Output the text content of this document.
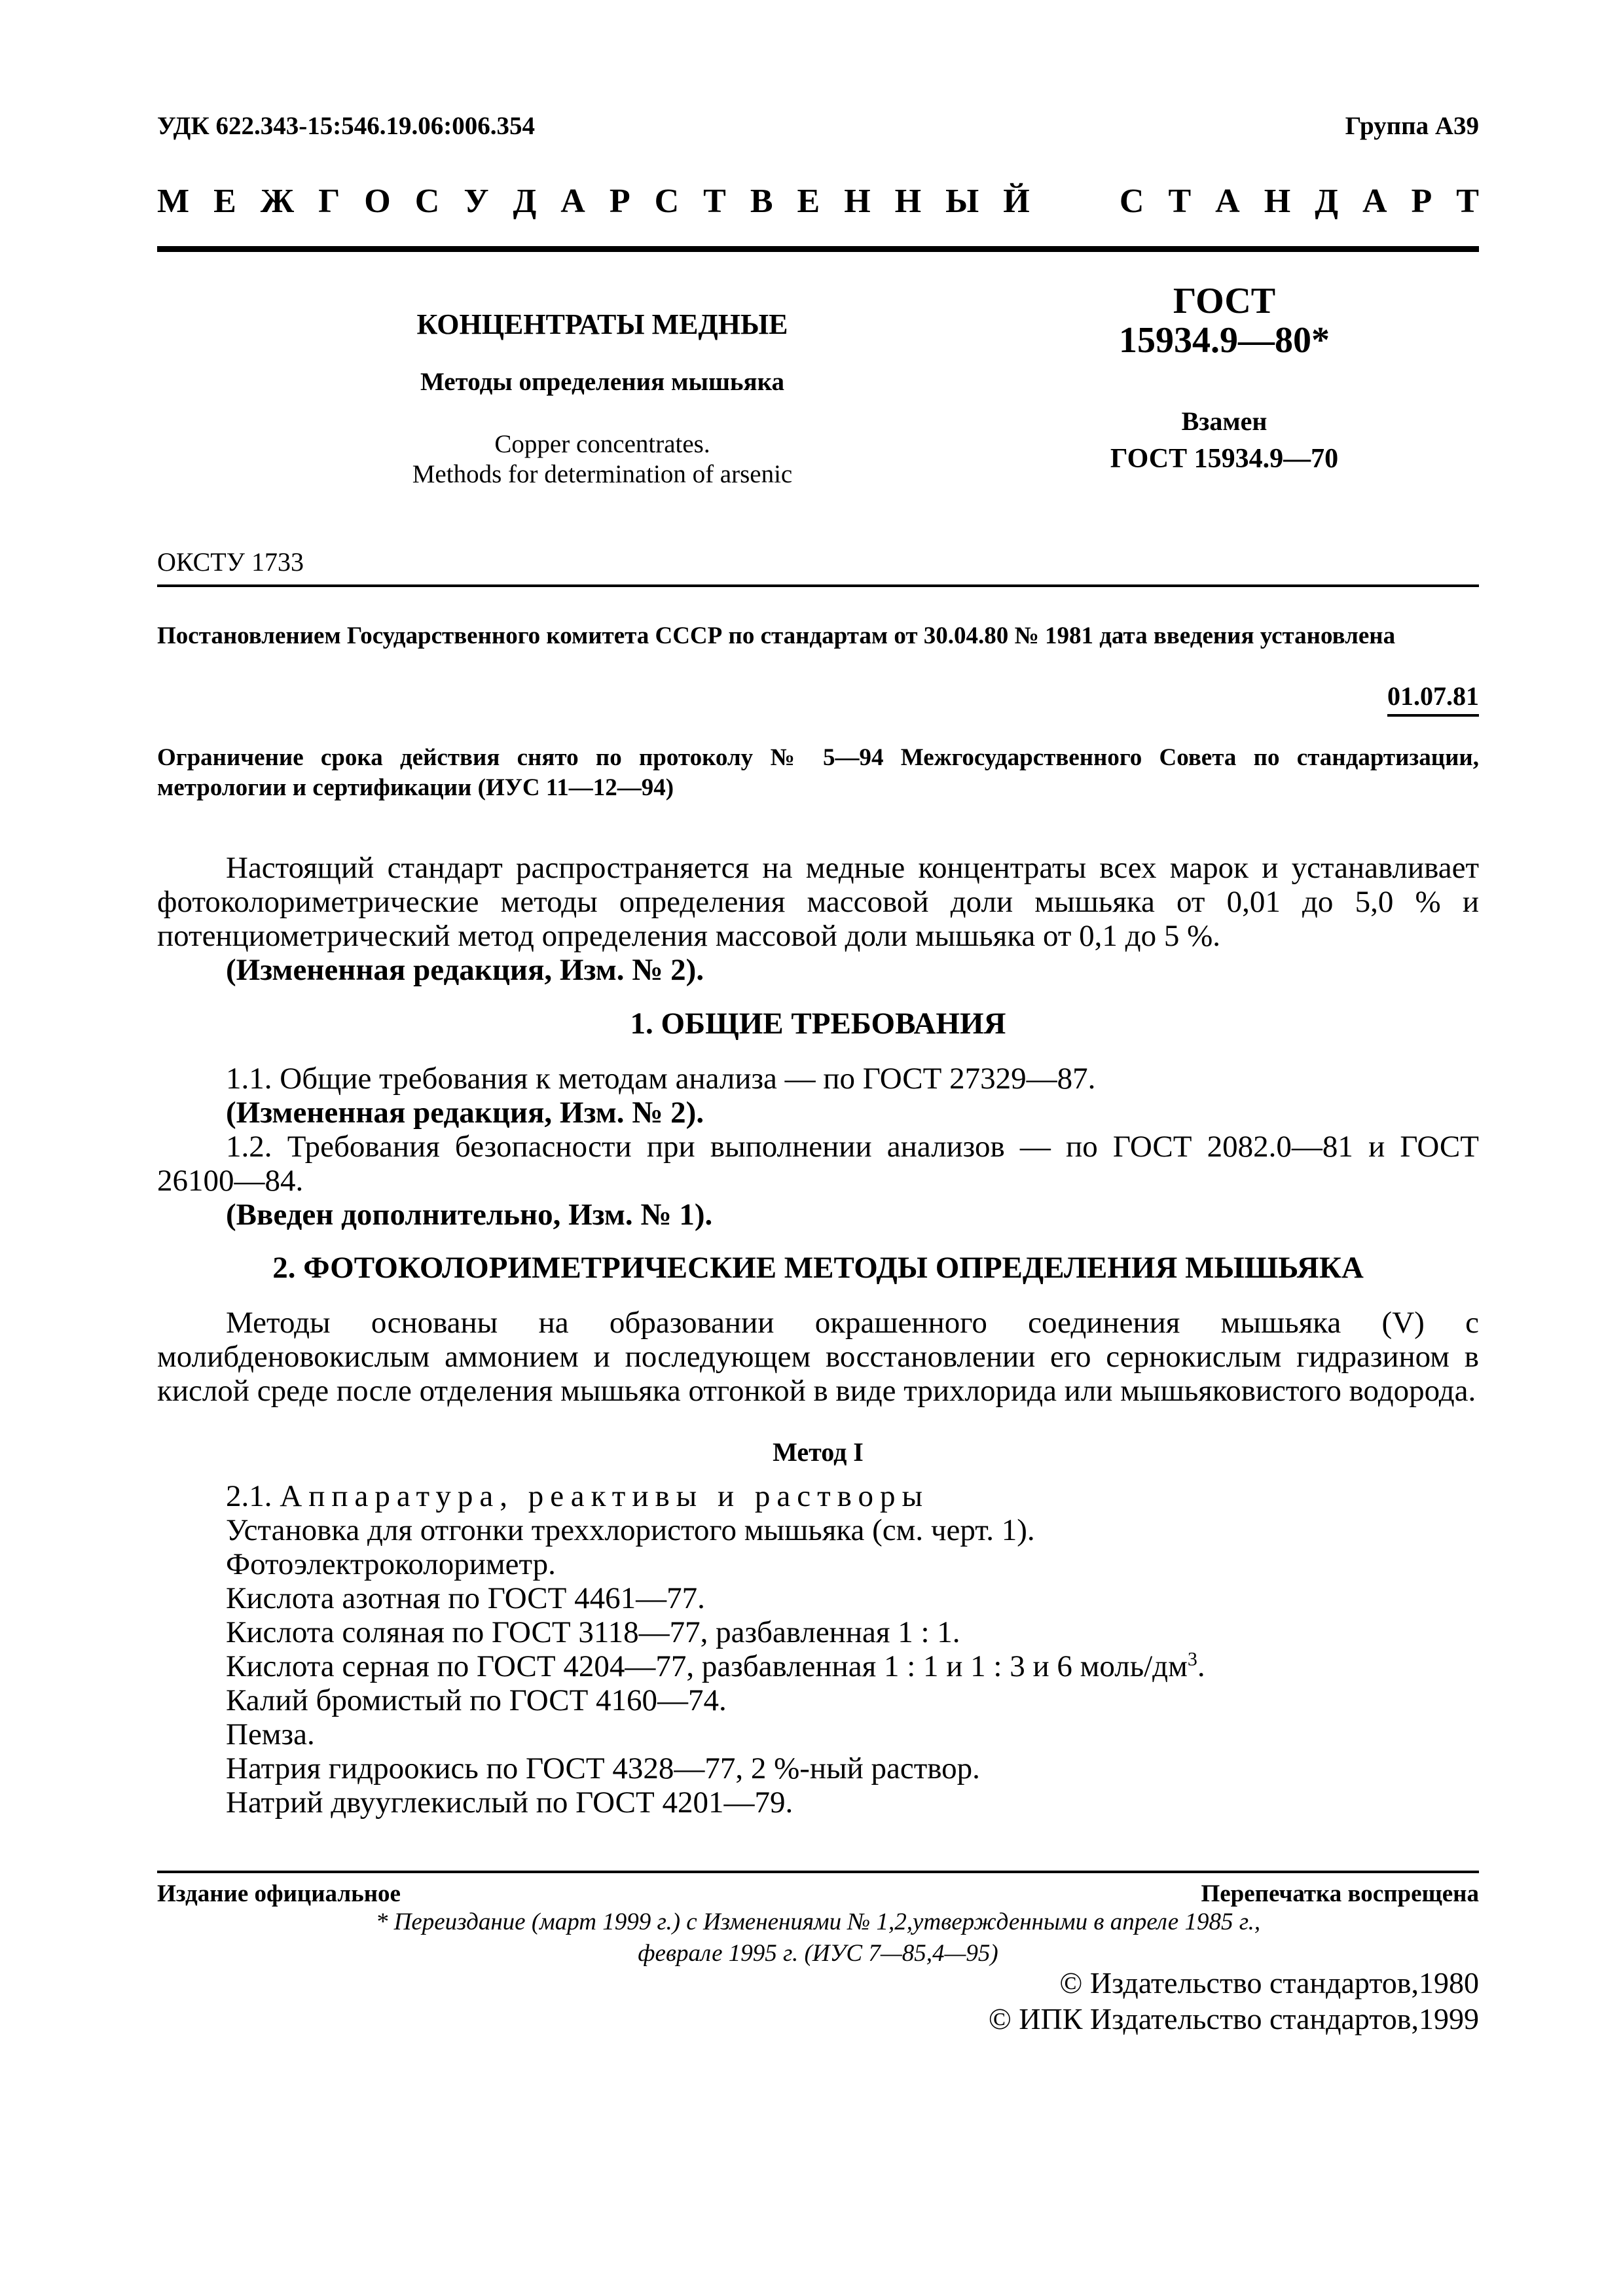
УДК 622.343-15:546.19.06:006.354	Группа А39
М Е Ж Г О С У Д А Р С Т В Е Н Н Ы Й	С Т А Н Д А Р Т
КОНЦЕНТРАТЫ МЕДНЫЕ
Методы определения мышьяка
Copper concentrates.
Methods for determination of arsenic
ГОСТ
15934.9—80*
Взамен
ГОСТ 15934.9—70
ОКСТУ 1733
Постановлением Государственного комитета СССР по стандартам от 30.04.80 № 1981 дата введения установлена
01.07.81
Ограничение срока действия снято по протоколу № 5—94 Межгосударственного Совета по стандартизации, метрологии и сертификации (ИУС 11—12—94)
Настоящий стандарт распространяется на медные концентраты всех марок и устанавливает фотоколориметрические методы определения массовой доли мышьяка от 0,01 до 5,0 % и потенциометрический метод определения массовой доли мышьяка от 0,1 до 5 %.
(Измененная редакция, Изм. № 2).
1. ОБЩИЕ ТРЕБОВАНИЯ
1.1. Общие требования к методам анализа — по ГОСТ 27329—87.
(Измененная редакция, Изм. № 2).
1.2. Требования безопасности при выполнении анализов — по ГОСТ 2082.0—81 и ГОСТ 26100—84.
(Введен дополнительно, Изм. № 1).
2. ФОТОКОЛОРИМЕТРИЧЕСКИЕ МЕТОДЫ ОПРЕДЕЛЕНИЯ МЫШЬЯКА
Методы основаны на образовании окрашенного соединения мышьяка (V) с молибденовокислым аммонием и последующем восстановлении его сернокислым гидразином в кислой среде после отделения мышьяка отгонкой в виде трихлорида или мышьяковистого водорода.
Метод I
2.1. Аппаратура, реактивы и растворы
Установка для отгонки треххлористого мышьяка (см. черт. 1).
Фотоэлектроколориметр.
Кислота азотная по ГОСТ 4461—77.
Кислота соляная по ГОСТ 3118—77, разбавленная 1 : 1.
Кислота серная по ГОСТ 4204—77, разбавленная 1 : 1 и 1 : 3 и 6 моль/$дм^3$.
Калий бромистый по ГОСТ 4160—74.
Пемза.
Натрия гидроокись по ГОСТ 4328—77, 2 %-ный раствор.
Натрий двууглекислый по ГОСТ 4201—79.
Издание официальное	Перепечатка воспрещена
* Переиздание (март 1999 г.) с Изменениями № 1,2,утвержденными в апреле 1985 г.,
феврале 1995 г. (ИУС 7—85,4—95)
© Издательство стандартов,1980
© ИПК Издательство стандартов,1999
